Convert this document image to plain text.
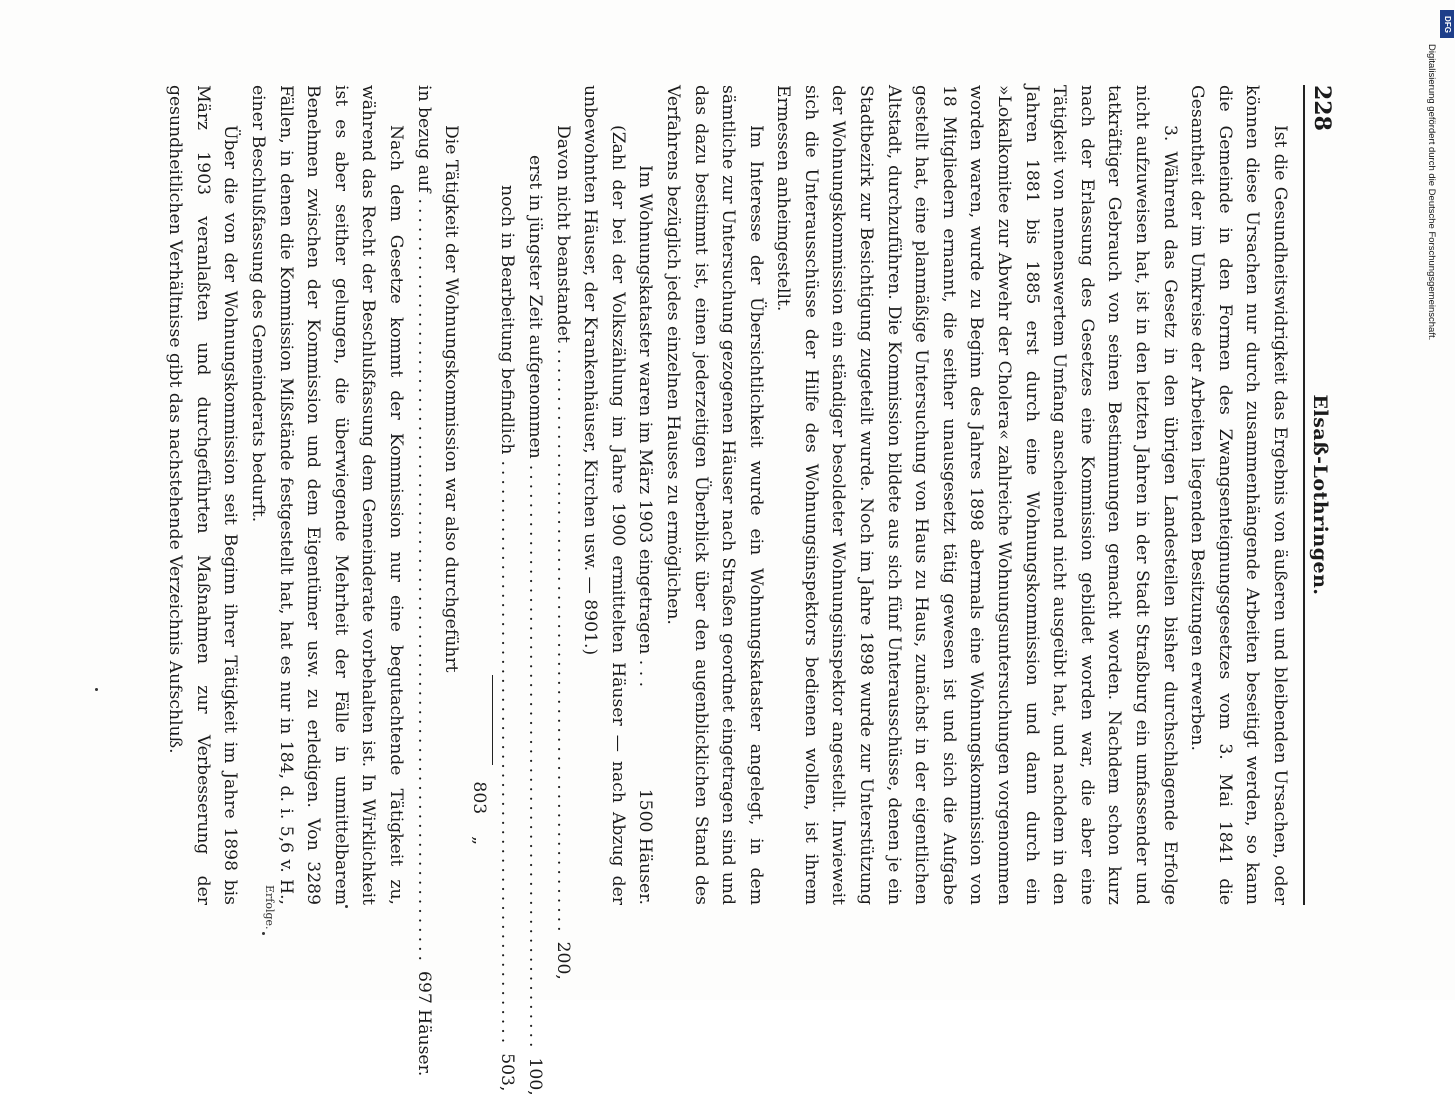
228
Elsaß-Lothringen.

Ist die Gesundheitswidrigkeit das Ergebnis von äußeren und bleibenden Ursachen, oder können diese Ursachen nur durch zusammenhängende Arbeiten beseitigt werden, so kann die Gemeinde in den Formen des Zwangsenteignungsgesetzes vom 3. Mai 1841 die Gesamtheit der im Umkreise der Arbeiten liegenden Besitzungen erwerben.

3. Während das Gesetz in den übrigen Landesteilen bisher durchschlagende Erfolge nicht aufzuweisen hat, ist in den letzten Jahren in der Stadt Straßburg ein umfassender und tatkräftiger Gebrauch von seinen Bestimmungen gemacht worden. Nachdem schon kurz nach der Erlassung des Gesetzes eine Kommission gebildet worden war, die aber eine Tätigkeit von nennenswertem Umfang anscheinend nicht ausgeübt hat, und nachdem in den Jahren 1881 bis 1885 erst durch eine Wohnungskommission und dann durch ein »Lokalkomitee zur Abwehr der Cholera« zahlreiche Wohnungsuntersuchungen vorgenommen worden waren, wurde zu Beginn des Jahres 1898 abermals eine Wohnungskommission von 18 Mitgliedern ernannt, die seither unausgesetzt tätig gewesen ist und sich die Aufgabe gestellt hat, eine planmäßige Untersuchung von Haus zu Haus, zunächst in der eigentlichen Altstadt, durchzuführen. Die Kommission bildete aus sich fünf Unterausschüsse, denen je ein Stadtbezirk zur Besichtigung zugeteilt wurde. Noch im Jahre 1898 wurde zur Unterstützung der Wohnungskommission ein ständiger besoldeter Wohnungsinspektor angestellt. Inwieweit sich die Unterausschüsse der Hilfe des Wohnungsinspektors bedienen wollen, ist ihrem Ermessen anheimgestellt.

Im Interesse der Übersichtlichkeit wurde ein Wohnungskataster angelegt, in dem sämtliche zur Untersuchung gezogenen Häuser nach Straßen geordnet eingetragen sind und das dazu bestimmt ist, einen jederzeitigen Überblick über den augenblicklichen Stand des Verfahrens bezüglich jedes einzelnen Hauses zu ermöglichen.

Im Wohnungskataster waren im März 1903 eingetragen . . .
1500 Häuser.

(Zahl der bei der Volkszählung im Jahre 1900 ermittelten Häuser — nach Abzug der unbewohnten Häuser, der Krankenhäuser, Kirchen usw. — 8901.)

Davon nicht beanstandet
..............................................................
200,
erst in jüngster Zeit aufgenommen
..............................................................
100,
noch in Bearbeitung befindlich
..............................................................
503,
803    „
Die Tätigkeit der Wohnungskommission war also durchgeführt
in bezug auf
.................................................................................
697 Häuser.

Nach dem Gesetze kommt der Kommission nur eine begutachtende Tätigkeit zu, während das Recht der Beschlußfassung dem Gemeinderate vorbehalten ist. In Wirklichkeit ist es aber seither gelungen, die überwiegende Mehrheit der Fälle in unmittelbarem Benehmen zwischen der Kommission und dem Eigentümer usw. zu erledigen. Von 3289 Fällen, in denen die Kommission Mißstände festgestellt hat, hat es nur in 184, d. i. 5,6 v. H., einer Beschlußfassung des Gemeinderats bedurft.

Über die von der Wohnungskommission seit Beginn ihrer Tätigkeit im Jahre 1898 bis März 1903 veranlaßten und durchgeführten Maßnahmen zur Verbesserung der gesundheitlichen Verhältnisse gibt das nachstehende Verzeichnis Aufschluß.

Erfolge.
DFG
Digitalisierung gefördert durch die Deutsche Forschungsgemeinschaft.
